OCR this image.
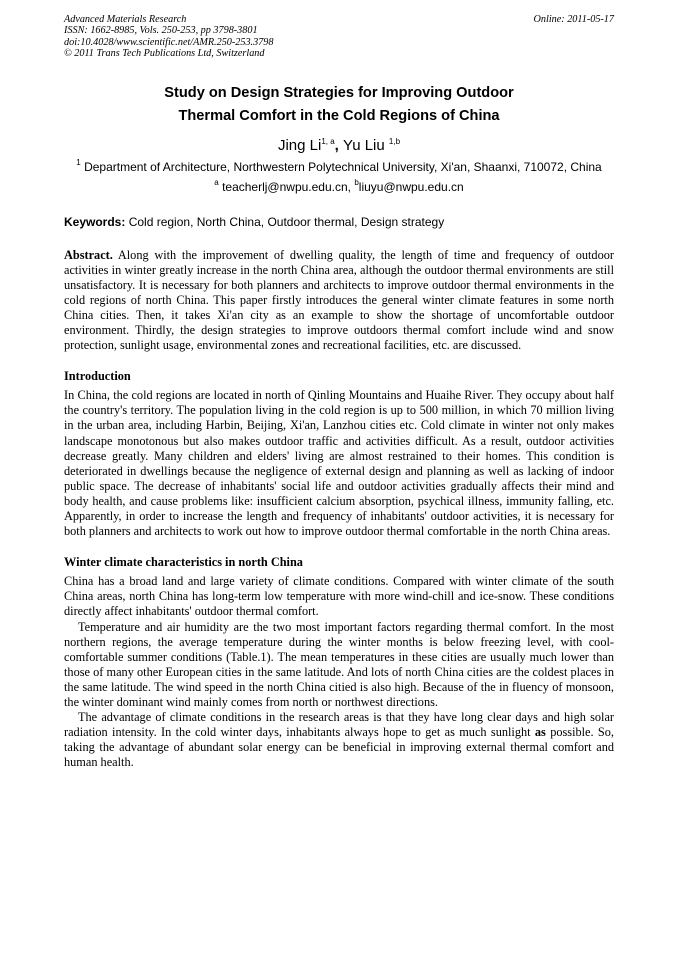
Advanced Materials Research
ISSN: 1662-8985, Vols. 250-253, pp 3798-3801
doi:10.4028/www.scientific.net/AMR.250-253.3798
© 2011 Trans Tech Publications Ltd, Switzerland
Online: 2011-05-17
Study on Design Strategies for Improving Outdoor
Thermal Comfort in the Cold Regions of China
Jing Li$^{1, a}$, Yu Liu $^{1,b}$
$^1$ Department of Architecture, Northwestern Polytechnical University, Xi'an, Shaanxi, 710072, China
$^a$ teacherlj@nwpu.edu.cn, $^b$liuyu@nwpu.edu.cn
Keywords: Cold region, North China, Outdoor thermal, Design strategy

Abstract. Along with the improvement of dwelling quality, the length of time and frequency of outdoor activities in winter greatly increase in the north China area, although the outdoor thermal environments are still unsatisfactory. It is necessary for both planners and architects to improve outdoor thermal environments in the cold regions of north China. This paper firstly introduces the general winter climate features in some north China cities. Then, it takes Xi'an city as an example to show the shortage of uncomfortable outdoor environment. Thirdly, the design strategies to improve outdoors thermal comfort include wind and snow protection, sunlight usage, environmental zones and recreational facilities, etc. are discussed.

Introduction

In China, the cold regions are located in north of Qinling Mountains and Huaihe River. They occupy about half the country's territory. The population living in the cold region is up to 500 million, in which 70 million living in the urban area, including Harbin, Beijing, Xi'an, Lanzhou cities etc. Cold climate in winter not only makes landscape monotonous but also makes outdoor traffic and activities difficult. As a result, outdoor activities decrease greatly. Many children and elders' living are almost restrained to their homes. This condition is deteriorated in dwellings because the negligence of external design and planning as well as lacking of indoor public space. The decrease of inhabitants' social life and outdoor activities gradually affects their mind and body health, and cause problems like: insufficient calcium absorption, psychical illness, immunity falling, etc. Apparently, in order to increase the length and frequency of inhabitants' outdoor activities, it is necessary for both planners and architects to work out how to improve outdoor thermal comfortable in the north China areas.

Winter climate characteristics in north China

China has a broad land and large variety of climate conditions. Compared with winter climate of the south China areas, north China has long-term low temperature with more wind-chill and ice-snow. These conditions directly affect inhabitants' outdoor thermal comfort.

Temperature and air humidity are the two most important factors regarding thermal comfort. In the most northern regions, the average temperature during the winter months is below freezing level, with cool-comfortable summer conditions (Table.1). The mean temperatures in these cities are usually much lower than those of many other European cities in the same latitude. And lots of north China cities are the coldest places in the same latitude. The wind speed in the north China citied is also high. Because of the in fluency of monsoon, the winter dominant wind mainly comes from north or northwest directions.

The advantage of climate conditions in the research areas is that they have long clear days and high solar radiation intensity. In the cold winter days, inhabitants always hope to get as much sunlight as possible. So, taking the advantage of abundant solar energy can be beneficial in improving external thermal comfort and human health.
